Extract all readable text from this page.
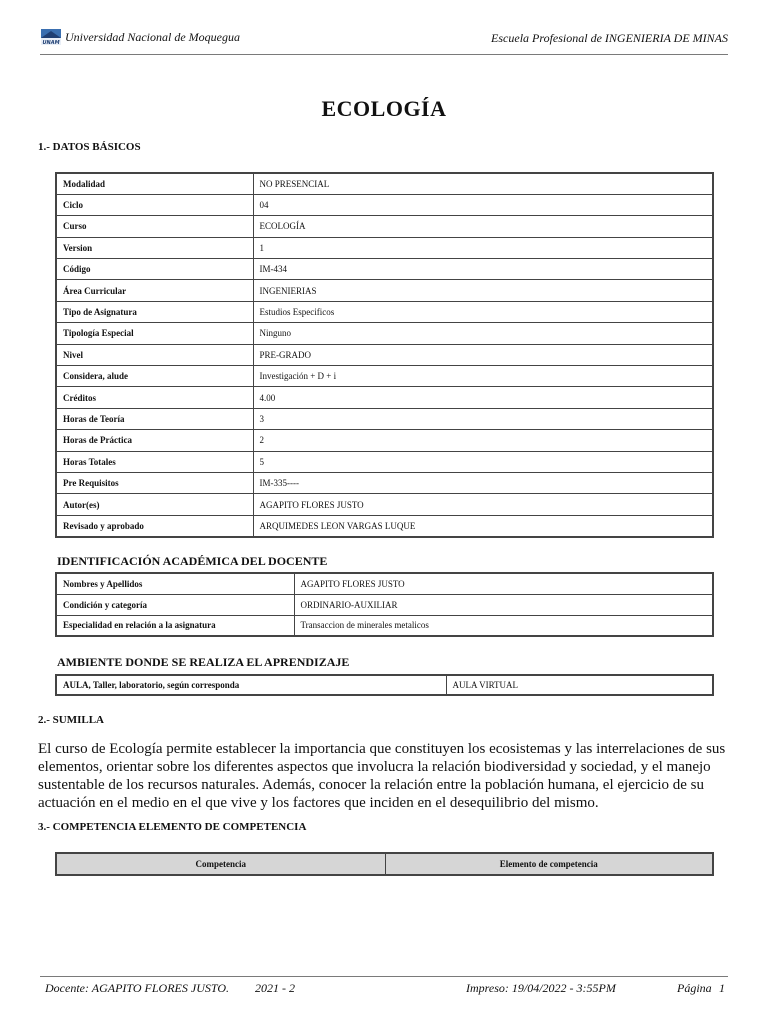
UNAM Universidad Nacional de Moquegua	Escuela Profesional de INGENIERIA DE MINAS
ECOLOGÍA
1.- DATOS BÁSICOS
Modalidad	NO PRESENCIAL
Ciclo	04
Curso	ECOLOGÍA
Version	1
Código	IM-434
Área Curricular	INGENIERIAS
Tipo de Asignatura	Estudios Especificos
Tipología Especial	Ninguno
Nivel	PRE-GRADO
Considera, alude	Investigación + D + i
Créditos	4.00
Horas de Teoría	3
Horas de Práctica	2
Horas Totales	5
Pre Requisitos	IM-335----
Autor(es)	AGAPITO FLORES JUSTO
Revisado y aprobado	ARQUIMEDES LEON VARGAS LUQUE
IDENTIFICACIÓN ACADÉMICA DEL DOCENTE
Nombres y Apellidos	AGAPITO FLORES JUSTO
Condición y categoría	ORDINARIO-AUXILIAR
Especialidad en relación a la asignatura	Transaccion de minerales metalicos
AMBIENTE DONDE SE REALIZA EL APRENDIZAJE
AULA, Taller, laboratorio, según corresponda	AULA VIRTUAL
2.- SUMILLA
El curso de Ecología permite establecer la importancia que constituyen los ecosistemas y las interrelaciones de sus elementos, orientar sobre los diferentes aspectos que involucra la relación biodiversidad y sociedad, y el manejo sustentable de los recursos naturales. Además, conocer la relación entre la población humana, el ejercicio de su actuación en el medio en el que vive y los factores que inciden en el desequilibrio del mismo.
3.- COMPETENCIA ELEMENTO DE COMPETENCIA
Competencia	Elemento de competencia
Docente: AGAPITO FLORES JUSTO. 2021 - 2	Impreso: 19/04/2022 - 3:55PM	Página 1
